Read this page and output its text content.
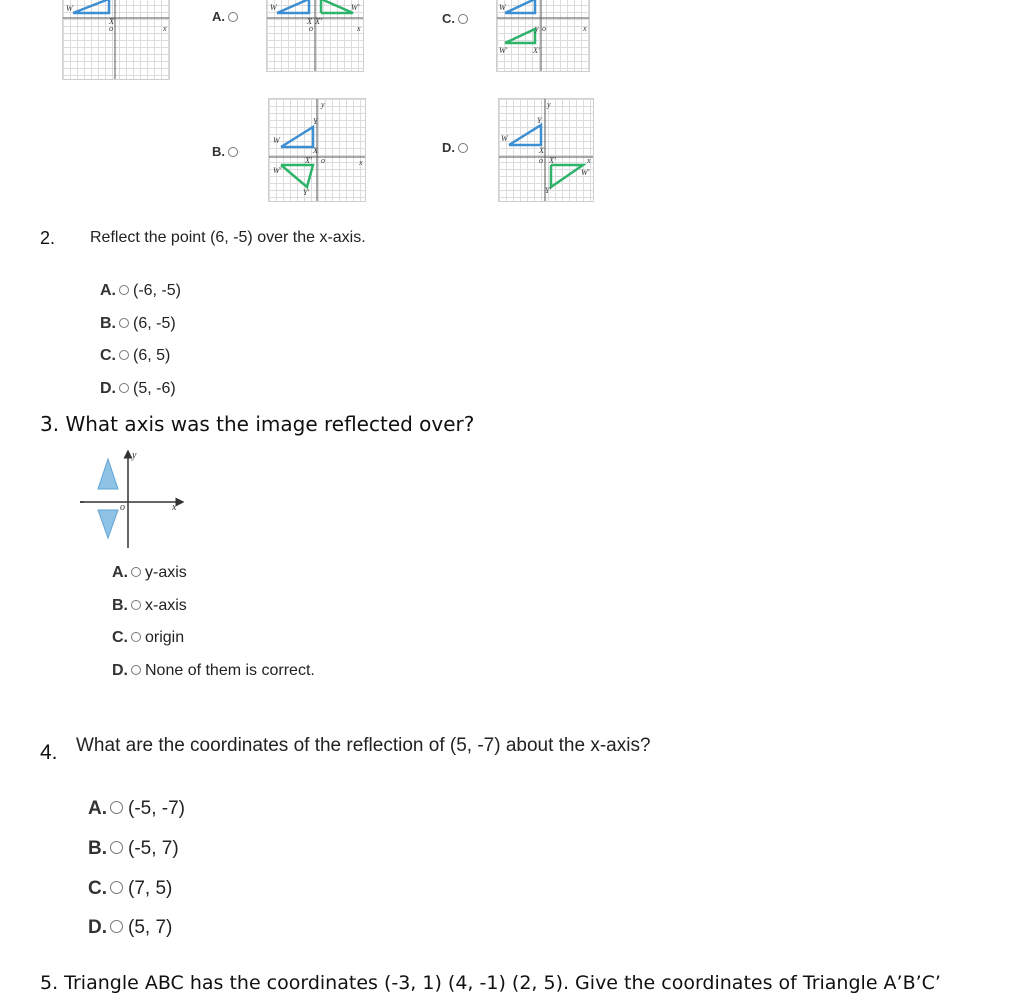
W
X
o	x
A.
W
X X'
W'
o	x
C.
W
y o	x
W'	X'
B.
W
y
Y
X
X' o
W'
Y'
x
D.
W
y
Y
X
o X'
W'
Y'
x
2. Reflect the point (6, -5) over the x-axis.
A. (-6, -5)
B. (6, -5)
C. (6, 5)
D. (5, -6)
3. What axis was the image reflected over?
y
o	x
A. y-axis
B. x-axis
C. origin
D. None of them is correct.
4. What are the coordinates of the reflection of (5, -7) about the x-axis?
A. (-5, -7)
B. (-5, 7)
C. (7, 5)
D. (5, 7)
5. Triangle ABC has the coordinates (-3, 1) (4, -1) (2, 5). Give the coordinates of Triangle A’B’C’
